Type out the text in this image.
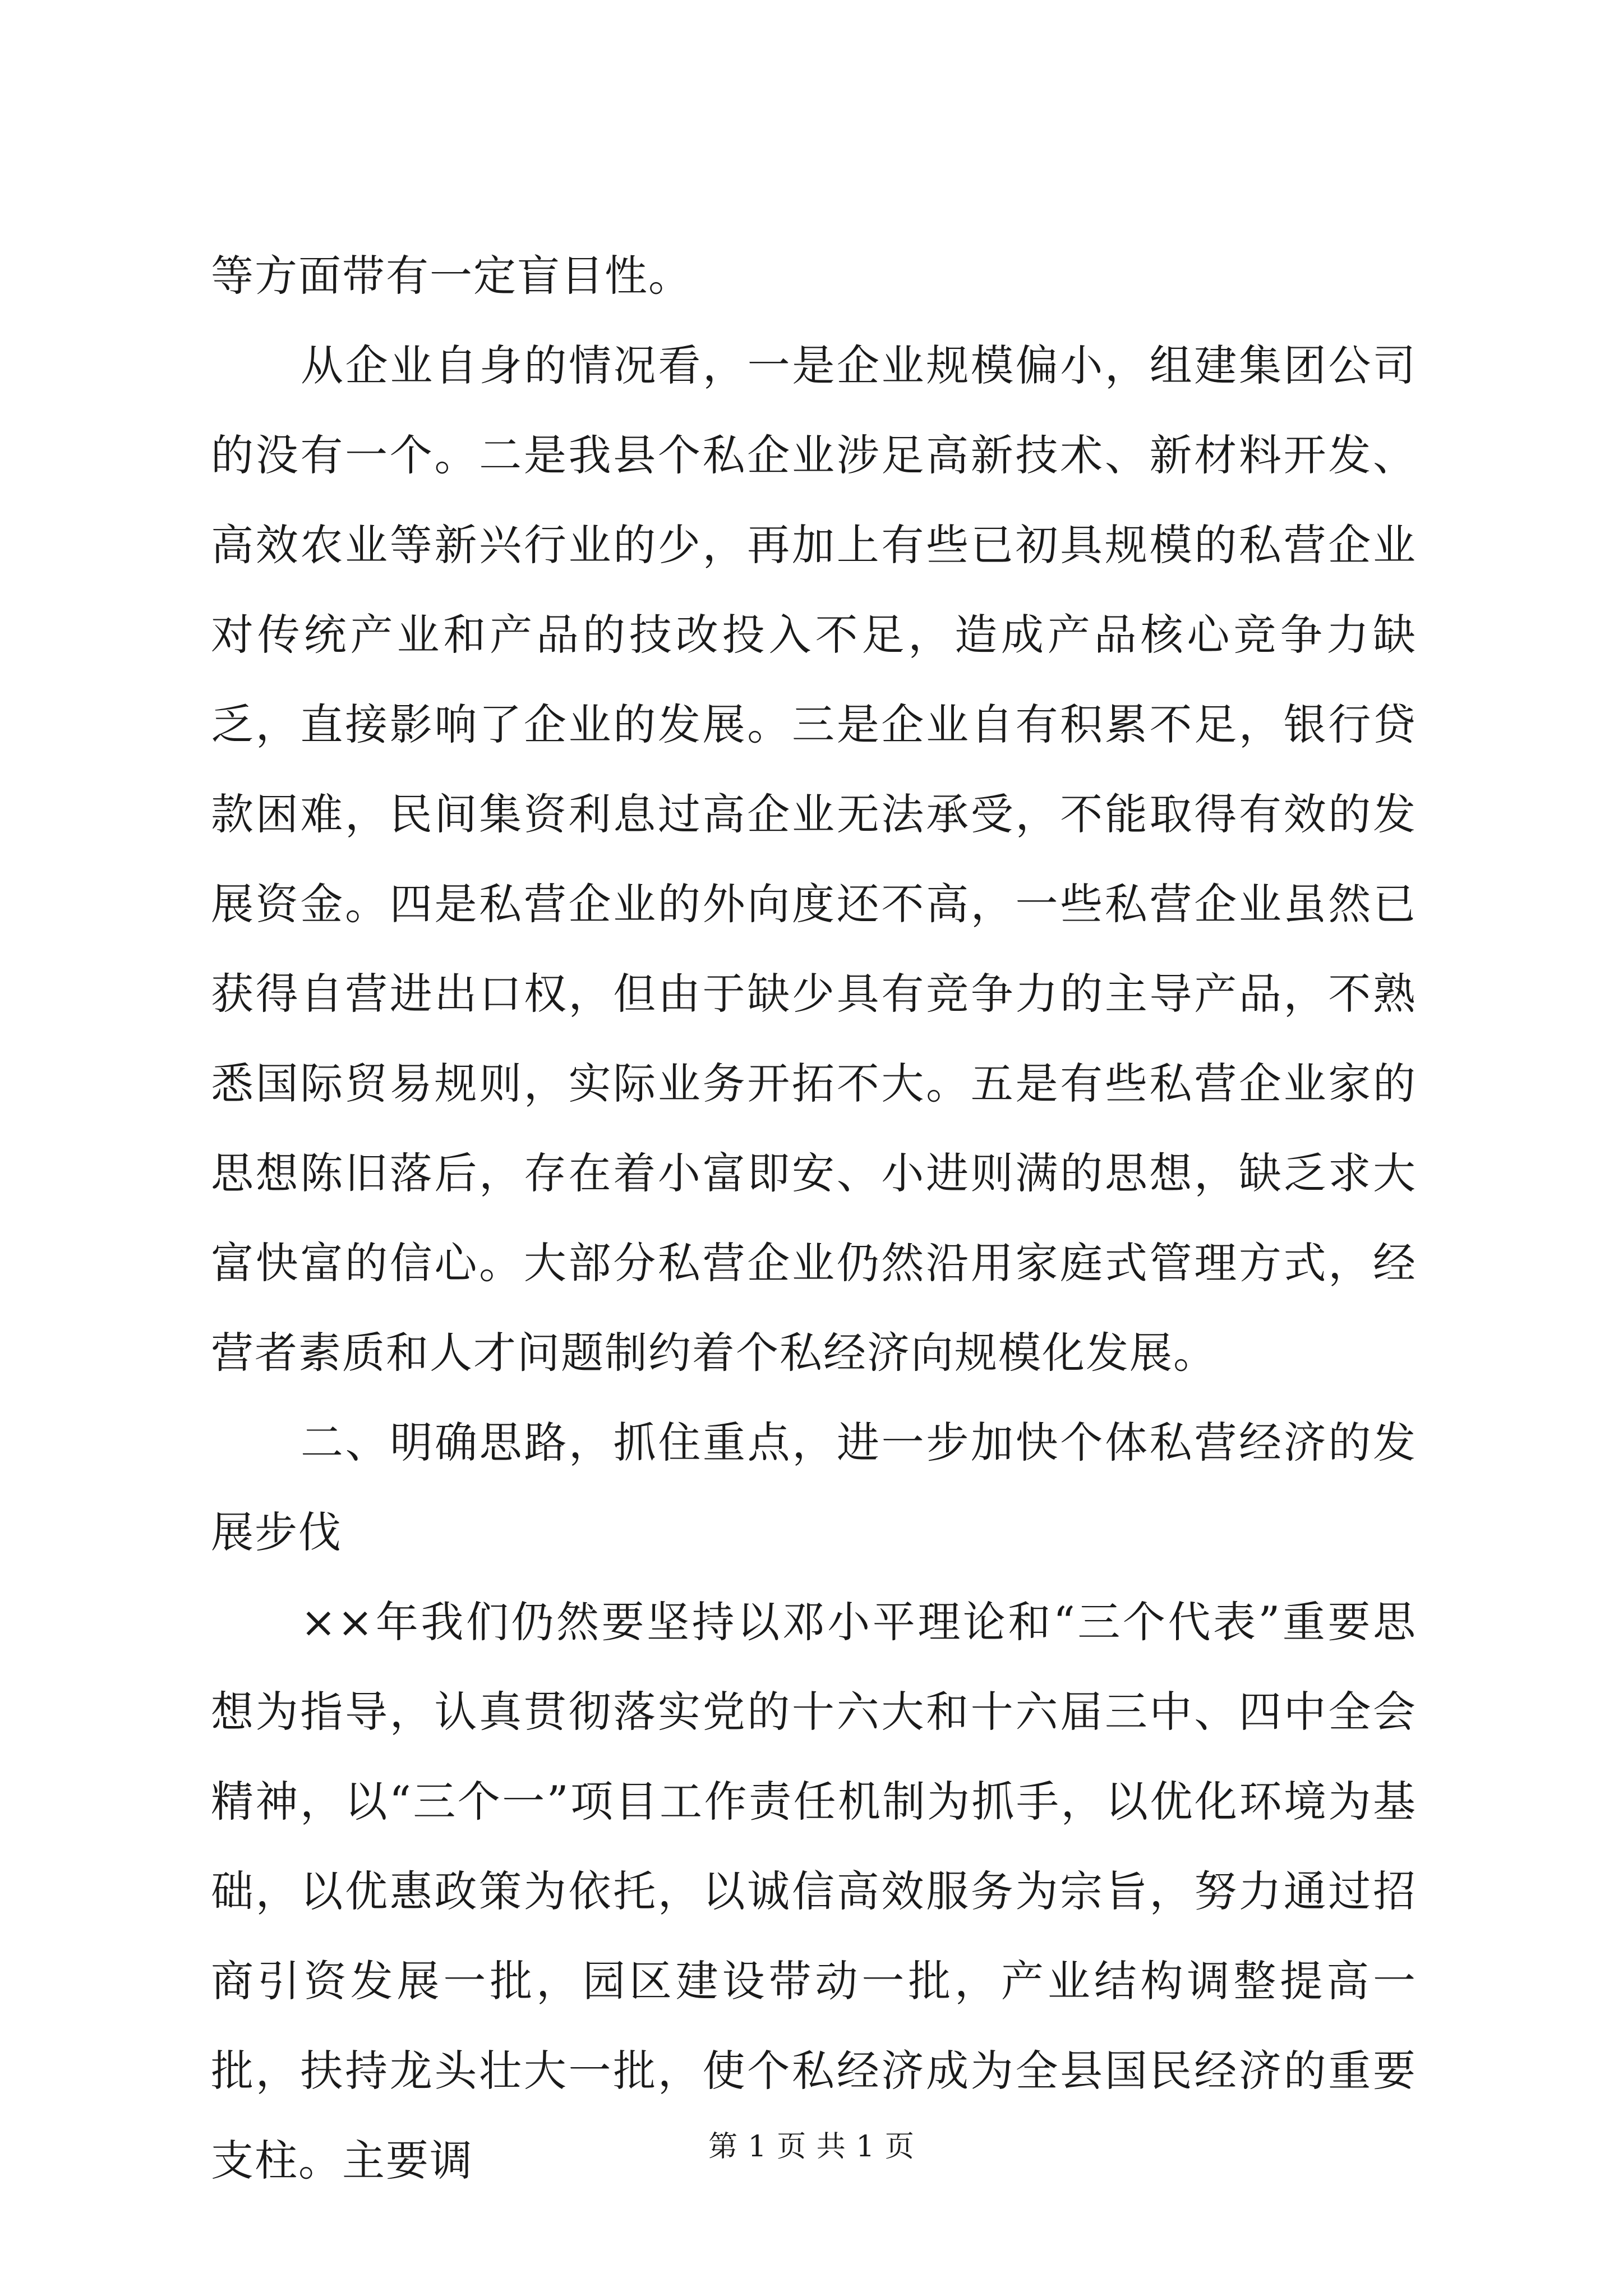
等方面带有一定盲目性。

从企业自身的情况看，一是企业规模偏小，组建集团公司的没有一个。二是我县个私企业涉足高新技术、新材料开发、高效农业等新兴行业的少，再加上有些已初具规模的私营企业对传统产业和产品的技改投入不足，造成产品核心竞争力缺乏，直接影响了企业的发展。三是企业自有积累不足，银行贷款困难，民间集资利息过高企业无法承受，不能取得有效的发展资金。四是私营企业的外向度还不高，一些私营企业虽然已获得自营进出口权，但由于缺少具有竞争力的主导产品，不熟悉国际贸易规则，实际业务开拓不大。五是有些私营企业家的思想陈旧落后，存在着小富即安、小进则满的思想，缺乏求大富快富的信心。大部分私营企业仍然沿用家庭式管理方式，经营者素质和人才问题制约着个私经济向规模化发展。

二、明确思路，抓住重点，进一步加快个体私营经济的发展步伐

××年我们仍然要坚持以邓小平理论和“三个代表”重要思想为指导，认真贯彻落实党的十六大和十六届三中、四中全会精神，以“三个一”项目工作责任机制为抓手，以优化环境为基础，以优惠政策为依托，以诚信高效服务为宗旨，努力通过招商引资发展一批，园区建设带动一批，产业结构调整提高一批，扶持龙头壮大一批，使个私经济成为全县国民经济的重要支柱。主要调	第 1 页 共 1 页
